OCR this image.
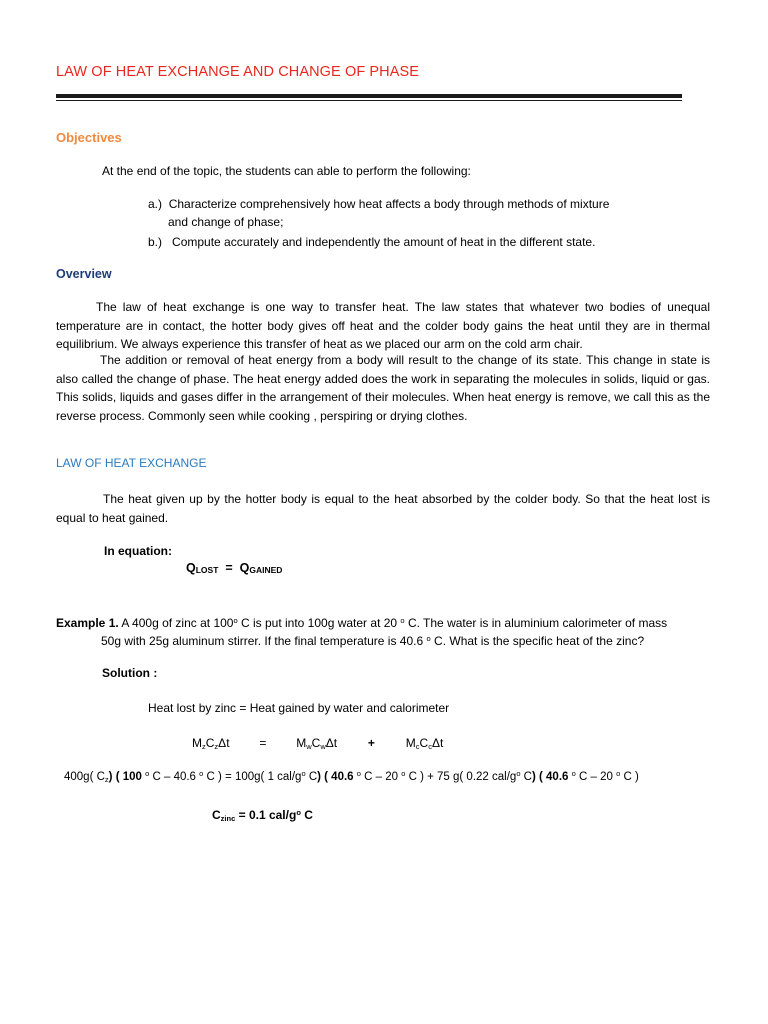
LAW OF HEAT EXCHANGE AND CHANGE OF PHASE
Objectives
At the end of the topic, the students can able to perform the following:
a.) Characterize comprehensively how heat affects a body through methods of mixture
and change of phase;
b.) Compute accurately and independently the amount of heat in the different state.
Overview

The law of heat exchange is one way to transfer heat. The law states that whatever two bodies of unequal temperature are in contact, the hotter body gives off heat and the colder body gains the heat until they are in thermal equilibrium. We always experience this transfer of heat as we placed our arm on the cold arm chair.

The addition or removal of heat energy from a body will result to the change of its state. This change in state is also called the change of phase. The heat energy added does the work in separating the molecules in solids, liquid or gas. This solids, liquids and gases differ in the arrangement of their molecules. When heat energy is remove, we call this as the reverse process. Commonly seen while cooking , perspiring or drying clothes.

LAW OF HEAT EXCHANGE

The heat given up by the hotter body is equal to the heat absorbed by the colder body. So that the heat lost is equal to heat gained.

In equation:
$Q_{LOST} = Q_{GAINED}$
Example 1. A 400g of zinc at 100$^o$ C is put into 100g water at 20 $^o$ C. The water is in aluminium calorimeter of mass
50g with 25g aluminum stirrer. If the final temperature is 40.6 $^o$ C. What is the specific heat of the zinc?
Solution :
Heat lost by zinc = Heat gained by water and calorimeter
$M_zC_z\Delta t = M_wC_w\Delta t$	+	$M_cC_c\Delta t$
400g( $C_z$) ( 100 $^o$ C – 40.6 $^o$ C ) = 100g( 1 cal/$g^o$ C) ( 40.6 $^o$ C – 20 $^o$ C ) + 75 g( 0.22 cal/$g^o$ C) ( 40.6 $^o$ C – 20 $^o$ C )
$C_{zinc} = 0.1$ cal/$g^o$ C
